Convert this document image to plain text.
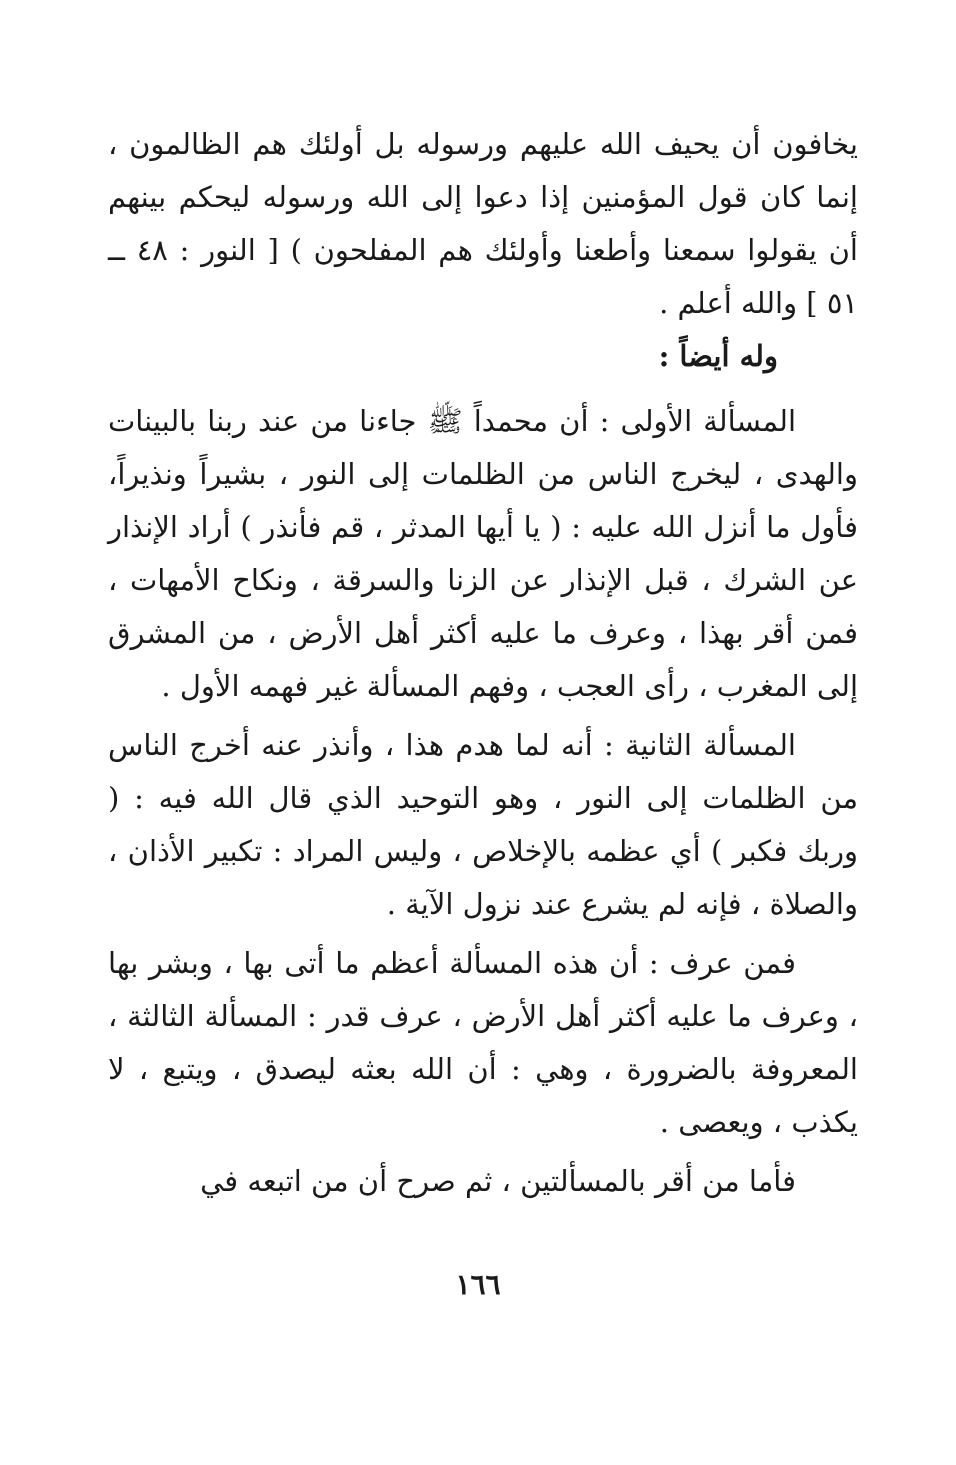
يخافون أن يحيف الله عليهم ورسوله بل أولئك هم الظالمون ، إنما كان قول المؤمنين إذا دعوا إلى الله ورسوله ليحكم بينهم أن يقولوا سمعنا وأطعنا وأولئك هم المفلحون ) [ النور : ٤٨ ــ ٥١ ] والله أعلم .

وله أيضاً :

المسألة الأولى : أن محمداً ﷺ جاءنا من عند ربنا بالبينات والهدى ، ليخرج الناس من الظلمات إلى النور ، بشيراً ونذيراً، فأول ما أنزل الله عليه : ( يا أيها المدثر ، قم فأنذر ) أراد الإنذار عن الشرك ، قبل الإنذار عن الزنا والسرقة ، ونكاح الأمهات ، فمن أقر بهذا ، وعرف ما عليه أكثر أهل الأرض ، من المشرق إلى المغرب ، رأى العجب ، وفهم المسألة غير فهمه الأول .

المسألة الثانية : أنه لما هدم هذا ، وأنذر عنه أخرج الناس من الظلمات إلى النور ، وهو التوحيد الذي قال الله فيه : ( وربك فكبر ) أي عظمه بالإخلاص ، وليس المراد : تكبير الأذان ، والصلاة ، فإنه لم يشرع عند نزول الآية .

فمن عرف : أن هذه المسألة أعظم ما أتى بها ، وبشر بها ، وعرف ما عليه أكثر أهل الأرض ، عرف قدر : المسألة الثالثة ، المعروفة بالضرورة ، وهي : أن الله بعثه ليصدق ، ويتبع ، لا يكذب ، ويعصى .

فأما من أقر بالمسألتين ، ثم صرح أن من اتبعه في

١٦٦
